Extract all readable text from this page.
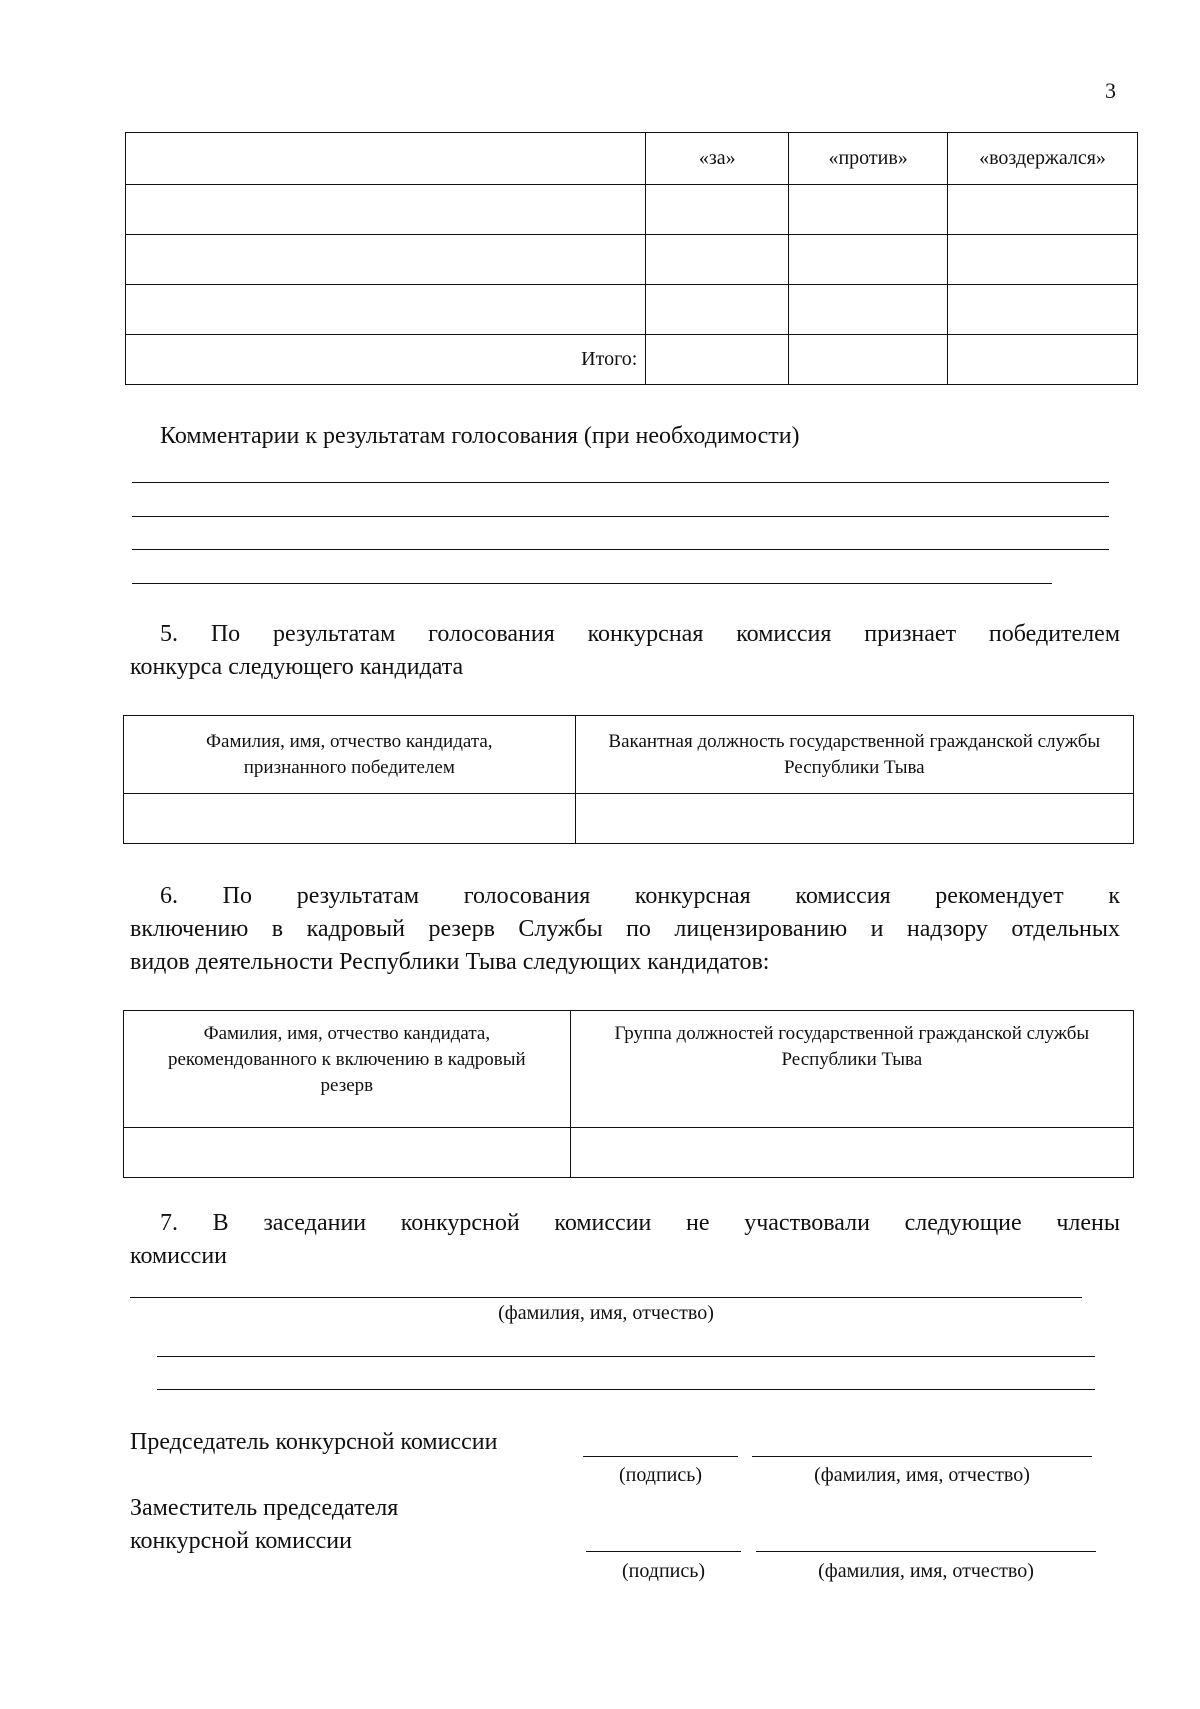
3
	«за»	«против»	«воздержался»

Итого:			
Комментарии к результатам голосования (при необходимости)
5. По результатам голосования конкурсная комиссия признает победителем
конкурса следующего кандидата
Фамилия, имя, отчество кандидата, признанного победителем	Вакантная должность государственной гражданской службы Республики Тыва

6. По результатам голосования конкурсная комиссия рекомендует к
включению в кадровый резерв Службы по лицензированию и надзору отдельных
видов деятельности Республики Тыва следующих кандидатов:
Фамилия, имя, отчество кандидата, рекомендованного к включению в кадровый резерв	Группа должностей государственной гражданской службы Республики Тыва

7. В заседании конкурсной комиссии не участвовали следующие члены
комиссии
(фамилия, имя, отчество)
Председатель конкурсной комиссии
(подпись)	(фамилия, имя, отчество)
Заместитель председателя
конкурсной комиссии
(подпись)	(фамилия, имя, отчество)
